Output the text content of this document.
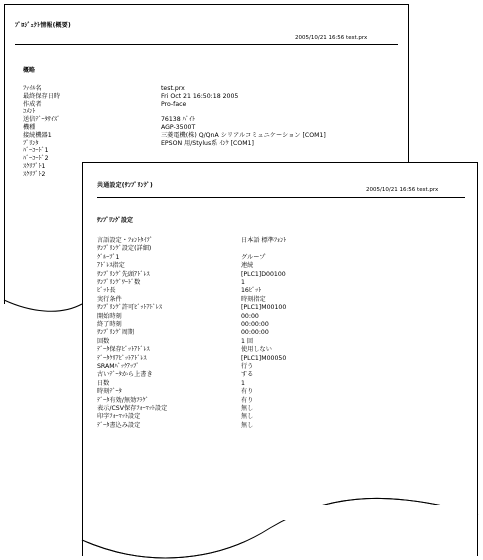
ﾌﾟﾛｼﾞｪｸﾄ情報(概要)
2005/10/21 16:56 test.prx
概略
ﾌｧｲﾙ名	test.prx
最終保存日時	Fri Oct 21 16:50:18 2005
作成者	Pro-face
ｺﾒﾝﾄ
送信ﾃﾞｰﾀｻｲｽﾞ	76138 ﾊﾞｲﾄ
機種	AGP-3500T
接続機器1	三菱電機(株) Q/QnA シリアルコミュニケーション [COM1]
ﾌﾟﾘﾝﾀ	EPSON 用/Stylus系 ｲﾝｸ [COM1]
ﾊﾞｰｺｰﾄﾞ1
ﾊﾞｰｺｰﾄﾞ2
ｽｸﾘﾌﾟﾄ1
ｽｸﾘﾌﾟﾄ2
共通設定(ｻﾝﾌﾟﾘﾝｸﾞ)
2005/10/21 16:56 test.prx
ｻﾝﾌﾟﾘﾝｸﾞ設定
言語設定・ﾌｫﾝﾄﾀｲﾌﾟ	日本語 標準ﾌｫﾝﾄ
ｻﾝﾌﾟﾘﾝｸﾞ設定(詳細)
ｸﾞﾙｰﾌﾟ1	グループ
ｱﾄﾞﾚｽ指定	連続
ｻﾝﾌﾟﾘﾝｸﾞ先頭ｱﾄﾞﾚｽ	[PLC1]D00100
ｻﾝﾌﾟﾘﾝｸﾞﾜｰﾄﾞ数	1
ﾋﾞｯﾄ長	16ﾋﾞｯﾄ
実行条件	時刻指定
ｻﾝﾌﾟﾘﾝｸﾞ許可ﾋﾞｯﾄｱﾄﾞﾚｽ	[PLC1]M00100
開始時刻	00:00
終了時刻	00:00:00
ｻﾝﾌﾟﾘﾝｸﾞ周期	00:00:00
回数	1 回
ﾃﾞｰﾀ保存ﾋﾞｯﾄｱﾄﾞﾚｽ	使用しない
ﾃﾞｰﾀｸﾘｱﾋﾞｯﾄｱﾄﾞﾚｽ	[PLC1]M00050
SRAMﾊﾞｯｸｱｯﾌﾟ	行う
古いﾃﾞｰﾀから上書き	する
日数	1
時刻ﾃﾞｰﾀ	有り
ﾃﾞｰﾀ有効/無効ﾌﾗｸﾞ	有り
表示/CSV保存ﾌｫｰﾏｯﾄ設定	無し
印字ﾌｫｰﾏｯﾄ設定	無し
ﾃﾞｰﾀ書込み設定	無し
